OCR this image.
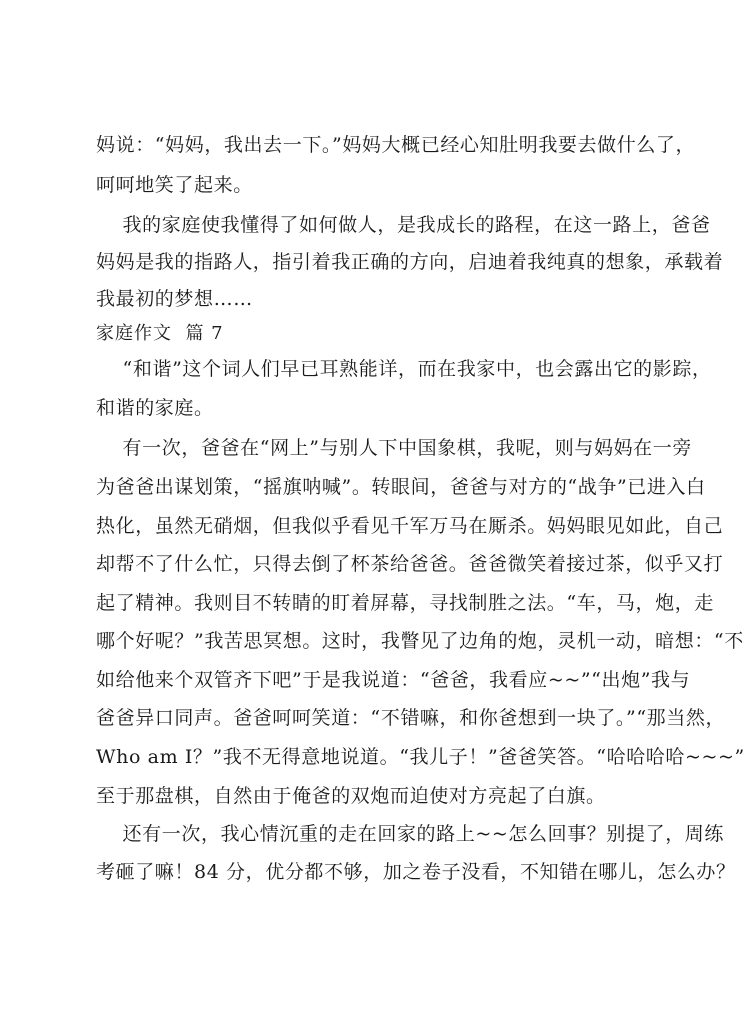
妈说：“妈妈，我出去一下。”妈妈大概已经心知肚明我要去做什么了，
呵呵地笑了起来。
我的家庭使我懂得了如何做人，是我成长的路程，在这一路上，爸爸
妈妈是我的指路人，指引着我正确的方向，启迪着我纯真的想象，承载着
我最初的梦想……
家庭作文  篇 7
“和谐”这个词人们早已耳熟能详，而在我家中，也会露出它的影踪，
和谐的家庭。
有一次，爸爸在“网上”与别人下中国象棋，我呢，则与妈妈在一旁
为爸爸出谋划策，“摇旗呐喊”。转眼间，爸爸与对方的“战争”已进入白
热化，虽然无硝烟，但我似乎看见千军万马在厮杀。妈妈眼见如此，自己
却帮不了什么忙，只得去倒了杯茶给爸爸。爸爸微笑着接过茶，似乎又打
起了精神。我则目不转睛的盯着屏幕，寻找制胜之法。“车，马，炮，走
哪个好呢？”我苦思冥想。这时，我瞥见了边角的炮，灵机一动，暗想：“不
如给他来个双管齐下吧”于是我说道：“爸爸，我看应~~”“出炮”我与
爸爸异口同声。爸爸呵呵笑道：“不错嘛，和你爸想到一块了。”“那当然，
Who am I？”我不无得意地说道。“我儿子！”爸爸笑答。“哈哈哈哈~~~”
至于那盘棋，自然由于俺爸的双炮而迫使对方亮起了白旗。
还有一次，我心情沉重的走在回家的路上~~怎么回事？别提了，周练
考砸了嘛！84 分，优分都不够，加之卷子没看，不知错在哪儿，怎么办？
